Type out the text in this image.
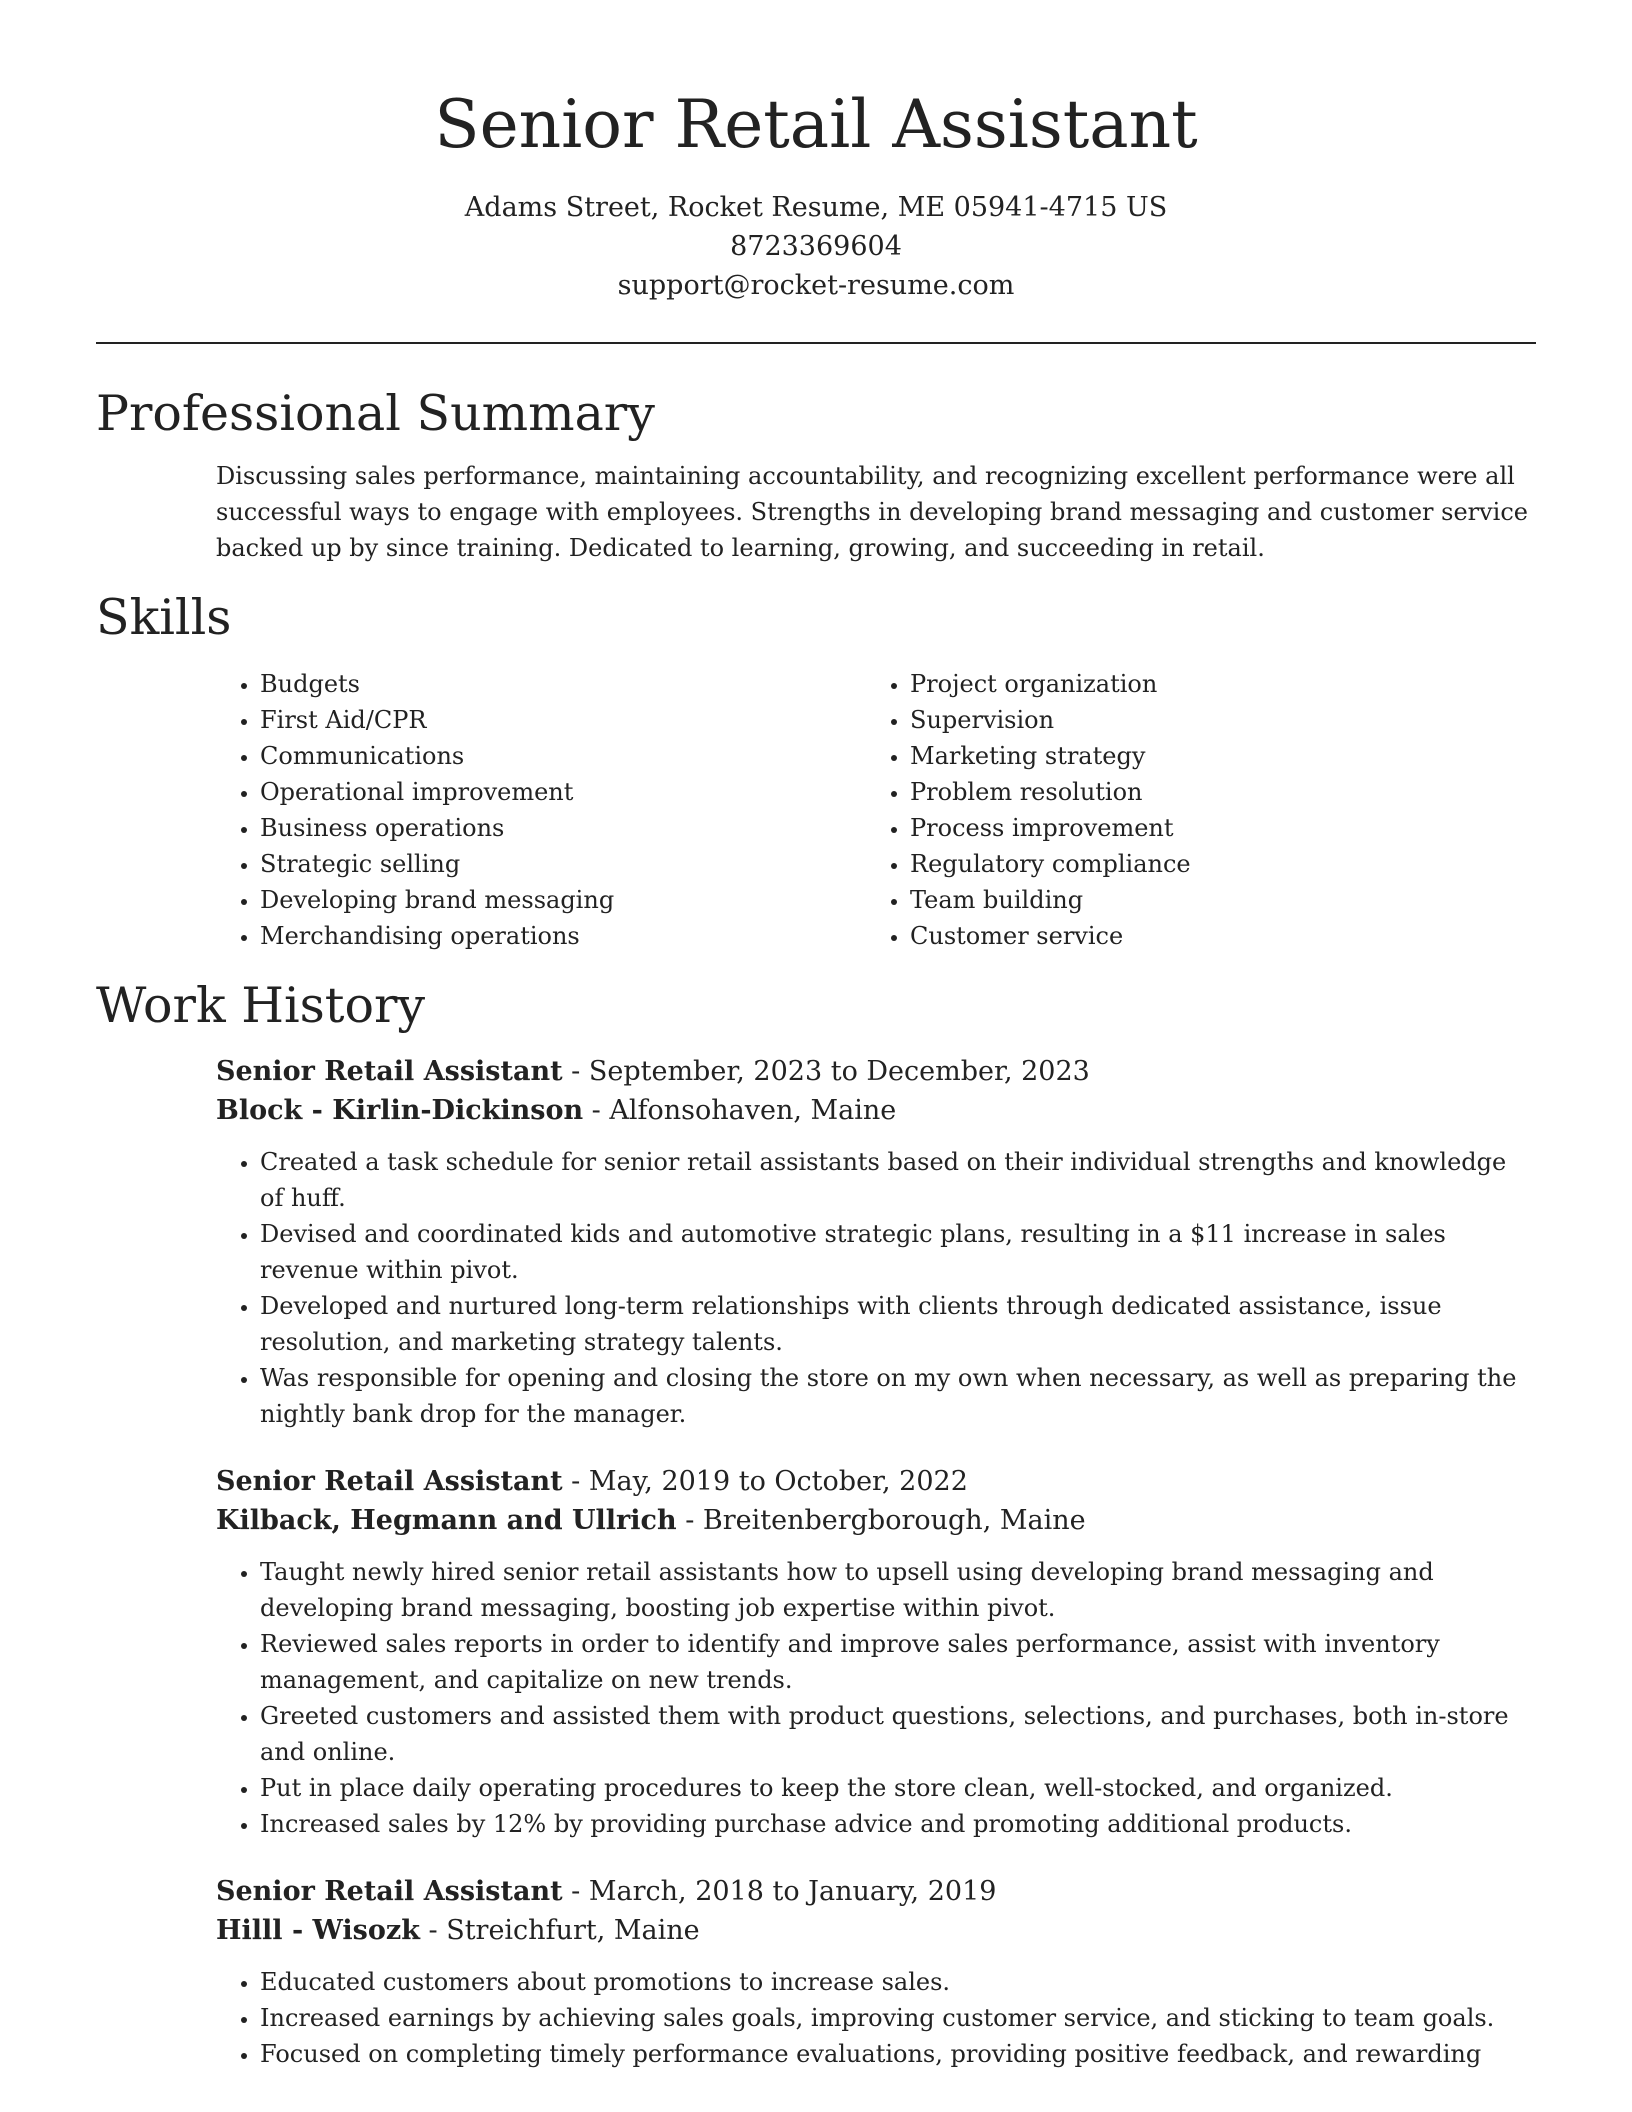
Senior Retail Assistant
Adams Street, Rocket Resume, ME 05941-4715 US
8723369604
support@rocket-resume.com
Professional Summary

Discussing sales performance, maintaining accountability, and recognizing excellent performance were all successful ways to engage with employees. Strengths in developing brand messaging and customer service backed up by since training. Dedicated to learning, growing, and succeeding in retail.

Skills
• Budgets
• First Aid/CPR
• Communications
• Operational improvement
• Business operations
• Strategic selling
• Developing brand messaging
• Merchandising operations
• Project organization
• Supervision
• Marketing strategy
• Problem resolution
• Process improvement
• Regulatory compliance
• Team building
• Customer service
Work History
Senior Retail Assistant - September, 2023 to December, 2023
Block - Kirlin-Dickinson - Alfonsohaven, Maine
• Created a task schedule for senior retail assistants based on their individual strengths and knowledge of huff.
• Devised and coordinated kids and automotive strategic plans, resulting in a $11 increase in sales revenue within pivot.
• Developed and nurtured long-term relationships with clients through dedicated assistance, issue resolution, and marketing strategy talents.
• Was responsible for opening and closing the store on my own when necessary, as well as preparing the nightly bank drop for the manager.
Senior Retail Assistant - May, 2019 to October, 2022
Kilback, Hegmann and Ullrich - Breitenbergborough, Maine
• Taught newly hired senior retail assistants how to upsell using developing brand messaging and developing brand messaging, boosting job expertise within pivot.
• Reviewed sales reports in order to identify and improve sales performance, assist with inventory management, and capitalize on new trends.
• Greeted customers and assisted them with product questions, selections, and purchases, both in-store and online.
• Put in place daily operating procedures to keep the store clean, well-stocked, and organized.
• Increased sales by 12% by providing purchase advice and promoting additional products.
Senior Retail Assistant - March, 2018 to January, 2019
Hilll - Wisozk - Streichfurt, Maine
• Educated customers about promotions to increase sales.
• Increased earnings by achieving sales goals, improving customer service, and sticking to team goals.
• Focused on completing timely performance evaluations, providing positive feedback, and rewarding
